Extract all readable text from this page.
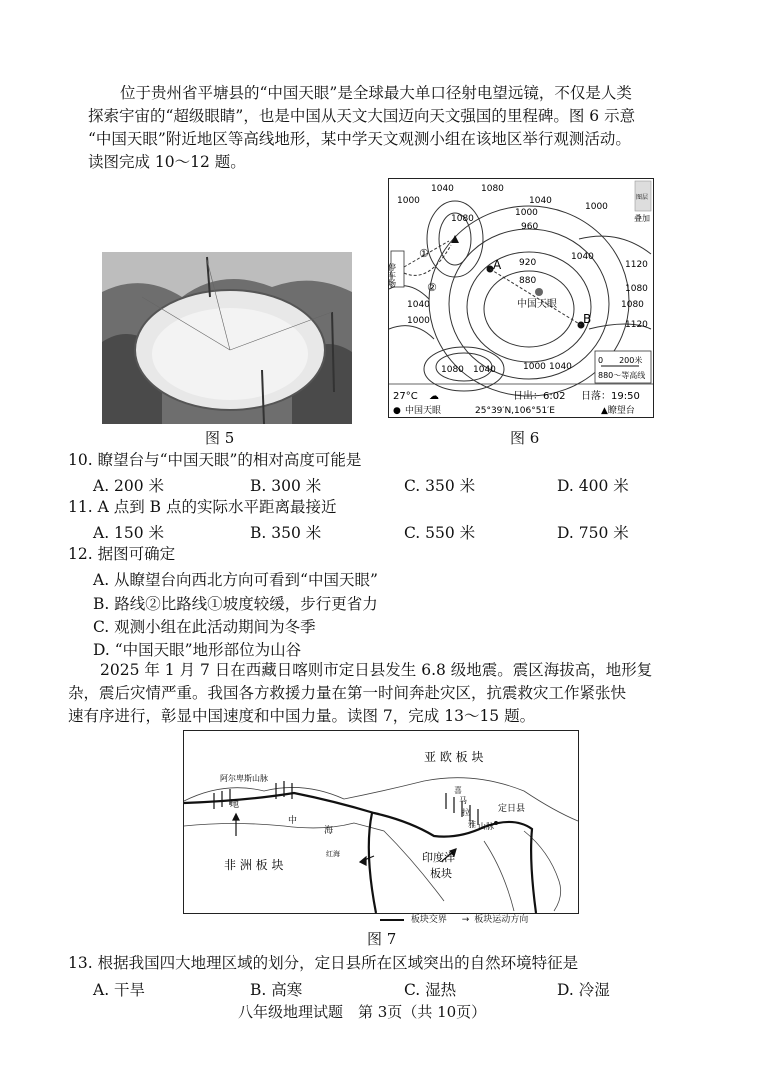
位于贵州省平塘县的“中国天眼”是全球最大单口径射电望远镜，不仅是人类
探索宇宙的“超级眼睛”，也是中国从天文大国迈向天文强国的里程碑。图 6 示意
“中国天眼”附近地区等高线地形，某中学天文观测小组在该地区举行观测活动。
读图完成 10～12 题。
图 5
1040	1080
1000	1040
1000
1000
1080
960
1040
1120
920
880
1080
1040
1120
1000
1080
1040
1000
1040
1080
停车场
①
②
A
B
中国天眼
图层
叠加
0　　200米
880～等高线
27°C ☁	日出：6:02 日落：19:50
● 中国天眼	25°39′N,106°51′E	▲瞭望台
图 6
10. 瞭望台与“中国天眼”的相对高度可能是
A. 200 米	B. 300 米	C. 350 米	D. 400 米
11. A 点到 B 点的实际水平距离最接近
A. 150 米	B. 350 米	C. 550 米	D. 750 米
12. 据图可确定
A. 从瞭望台向西北方向可看到“中国天眼”
B. 路线②比路线①坡度较缓，步行更省力
C. 观测小组在此活动期间为冬季
D. “中国天眼”地形部位为山谷
2025 年 1 月 7 日在西藏日喀则市定日县发生 6.8 级地震。震区海拔高，地形复
杂，震后灾情严重。我国各方救援力量在第一时间奔赴灾区，抗震救灾工作紧张快
速有序进行，彰显中国速度和中国力量。读图 7，完成 13～15 题。
亚 欧 板 块
阿尔卑斯山脉
地
中
海
非 洲 板 块
红海	印度洋
板块
喜
马
拉
雅 山脉
定日县
板块交界 → 板块运动方向
图 7
13. 根据我国四大地理区域的划分，定日县所在区域突出的自然环境特征是
A. 干旱	B. 高寒	C. 湿热	D. 冷湿
八年级地理试题　第 3页（共 10页）
